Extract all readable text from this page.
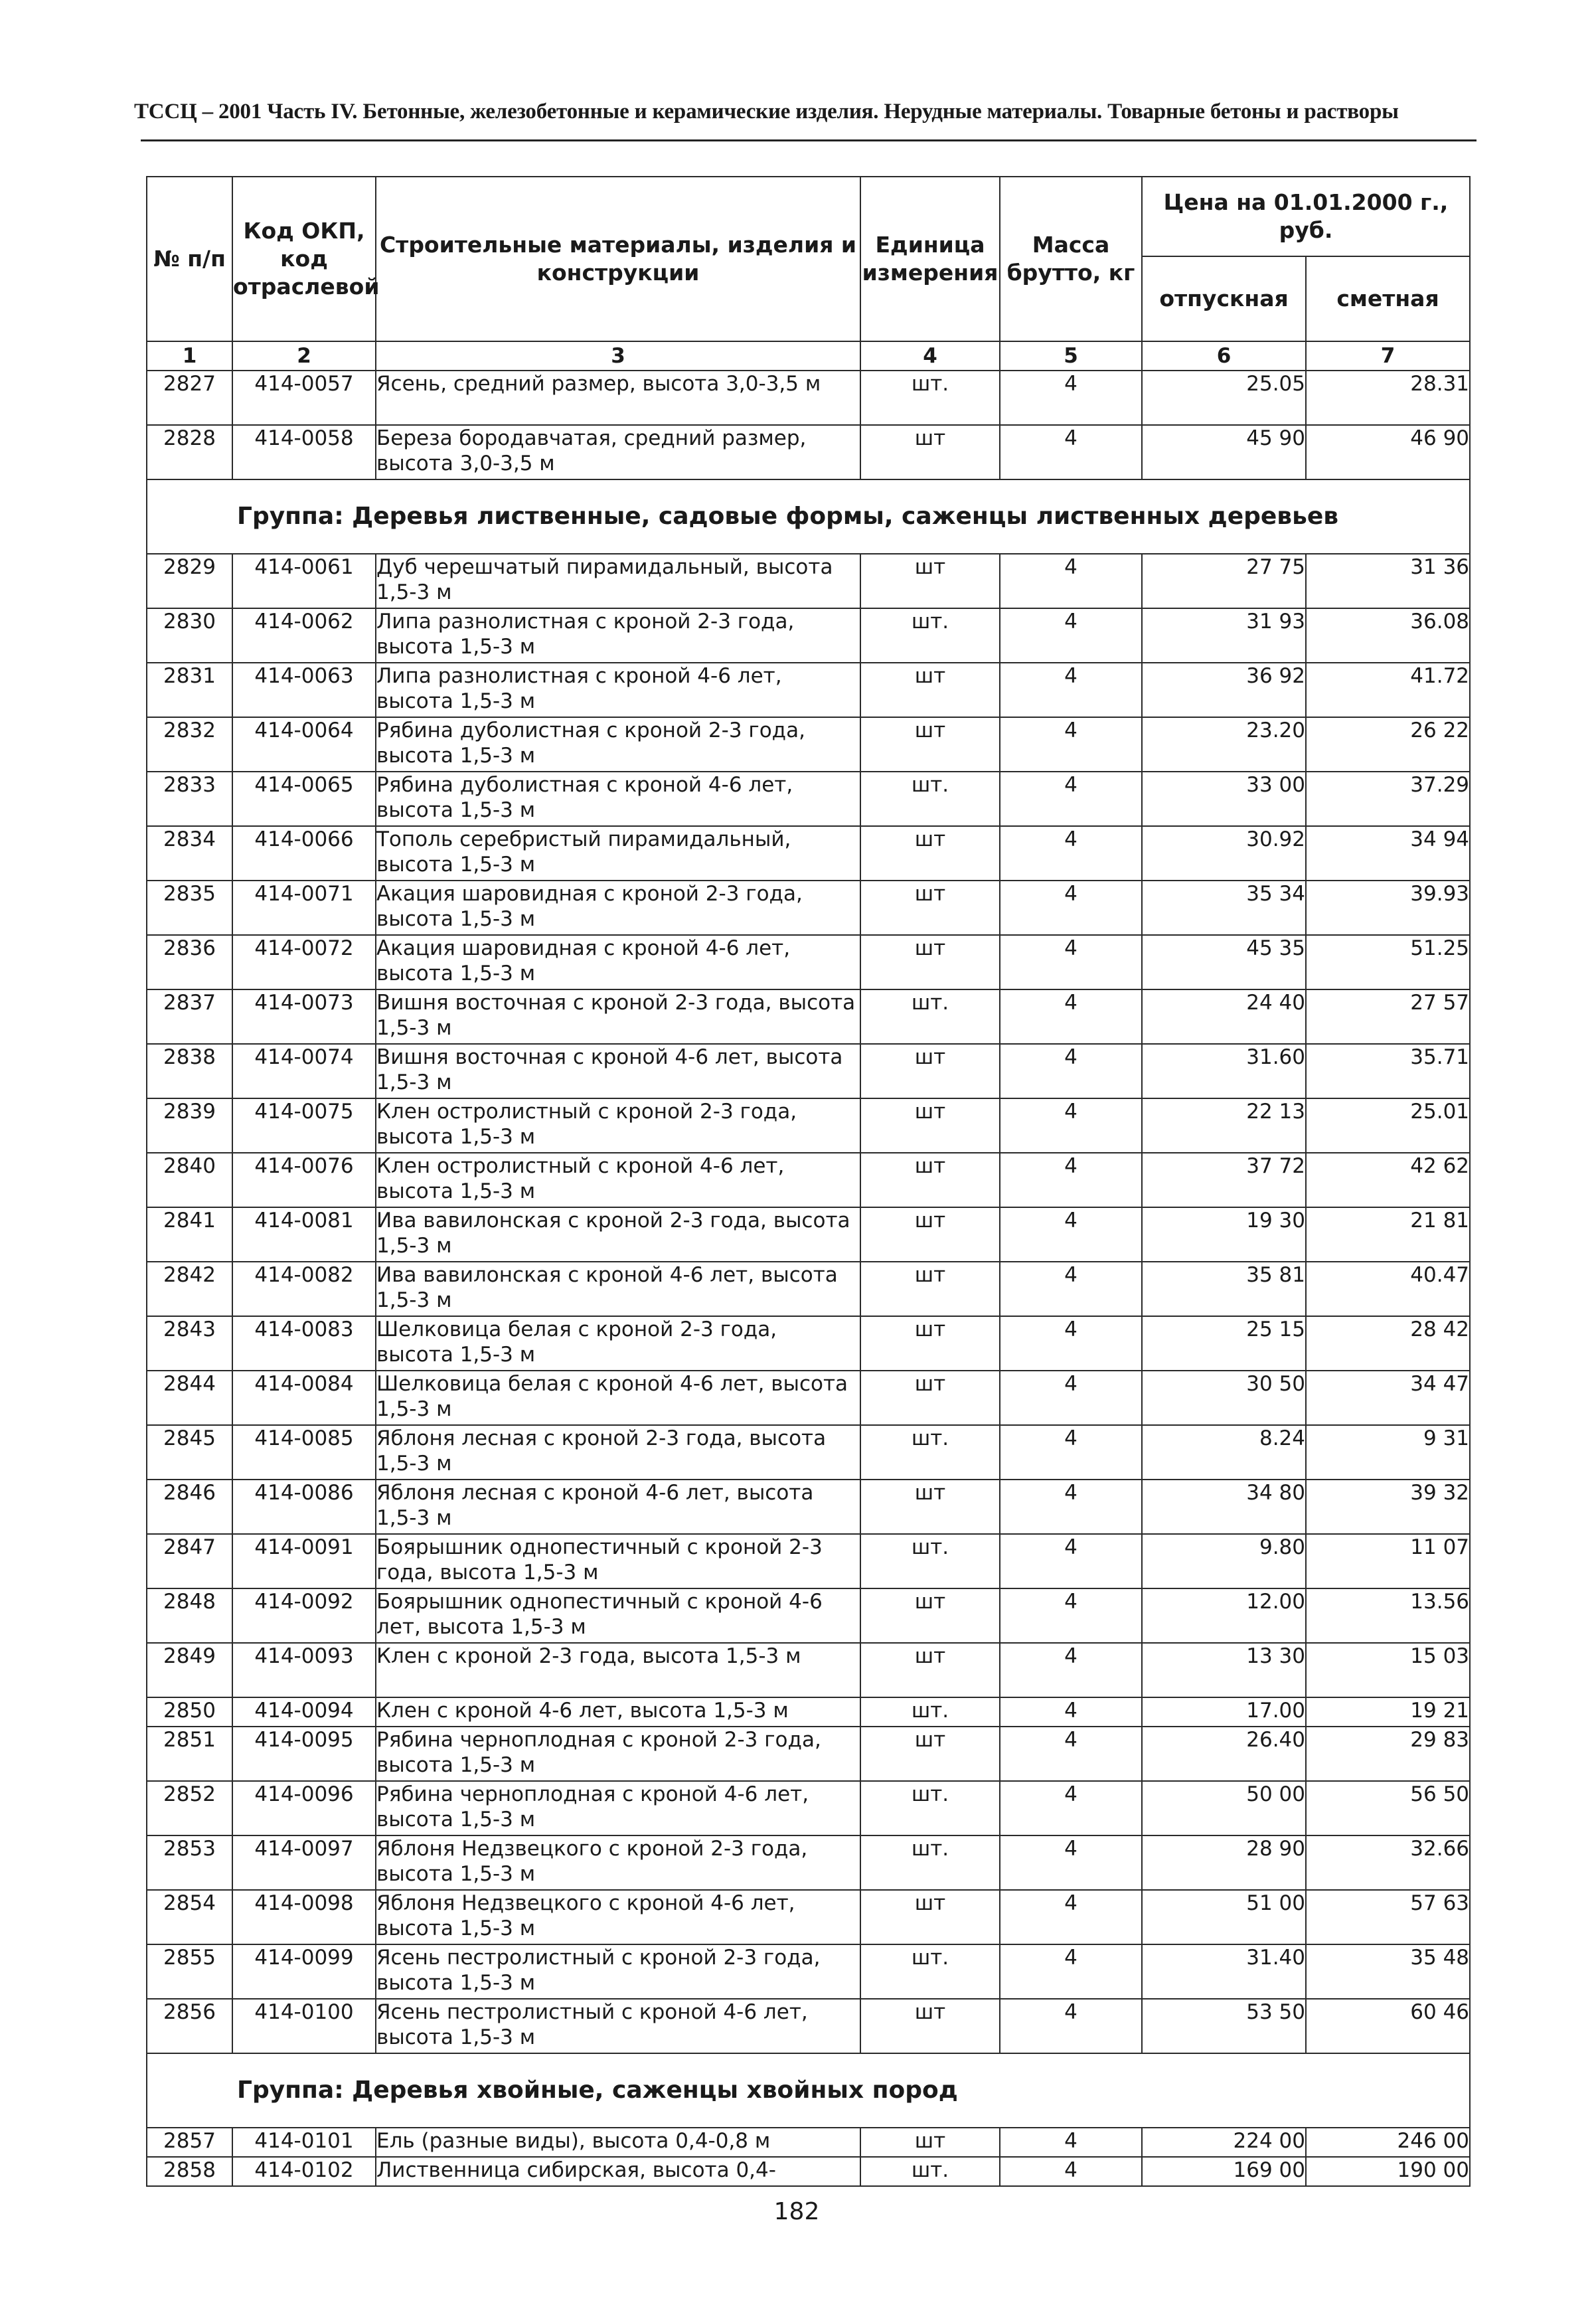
ТССЦ – 2001 Часть IV. Бетонные, железобетонные и керамические изделия. Нерудные материалы. Товарные бетоны и растворы
№ п/п	Код ОКП, код отраслевой	Строительные материалы, изделия и конструкции	Единица измерения	Масса брутто, кг	Цена на 01.01.2000 г., руб.	
					отпускная	сметная
1	2	3	4	5	6	7
2827	414-0057	Ясень, средний размер, высота 3,0-3,5 м	шт.	4	25.05	28.31
2828	414-0058	Береза бородавчатая, средний размер, высота 3,0-3,5 м	шт	4	45 90	46 90
Группа: Деревья лиственные, садовые формы, саженцы лиственных деревьев						
2829	414-0061	Дуб черешчатый пирамидальный, высота 1,5-3 м	шт	4	27 75	31 36
2830	414-0062	Липа разнолистная с кроной 2-3 года, высота 1,5-3 м	шт.	4	31 93	36.08
2831	414-0063	Липа разнолистная с кроной 4-6 лет, высота 1,5-3 м	шт	4	36 92	41.72
2832	414-0064	Рябина дуболистная с кроной 2-3 года, высота 1,5-3 м	шт	4	23.20	26 22
2833	414-0065	Рябина дуболистная с кроной 4-6 лет, высота 1,5-3 м	шт.	4	33 00	37.29
2834	414-0066	Тополь серебристый пирамидальный, высота 1,5-3 м	шт	4	30.92	34 94
2835	414-0071	Акация шаровидная с кроной 2-3 года, высота 1,5-3 м	шт	4	35 34	39.93
2836	414-0072	Акация шаровидная с кроной 4-6 лет, высота 1,5-3 м	шт	4	45 35	51.25
2837	414-0073	Вишня восточная с кроной 2-3 года, высота 1,5-3 м	шт.	4	24 40	27 57
2838	414-0074	Вишня восточная с кроной 4-6 лет, высота 1,5-3 м	шт	4	31.60	35.71
2839	414-0075	Клен остролистный с кроной 2-3 года, высота 1,5-3 м	шт	4	22 13	25.01
2840	414-0076	Клен остролистный с кроной 4-6 лет, высота 1,5-3 м	шт	4	37 72	42 62
2841	414-0081	Ива вавилонская с кроной 2-3 года, высота 1,5-3 м	шт	4	19 30	21 81
2842	414-0082	Ива вавилонская с кроной 4-6 лет, высота 1,5-3 м	шт	4	35 81	40.47
2843	414-0083	Шелковица белая с кроной 2-3 года, высота 1,5-3 м	шт	4	25 15	28 42
2844	414-0084	Шелковица белая с кроной 4-6 лет, высота 1,5-3 м	шт	4	30 50	34 47
2845	414-0085	Яблоня лесная с кроной 2-3 года, высота 1,5-3 м	шт.	4	8.24	9 31
2846	414-0086	Яблоня лесная с кроной 4-6 лет, высота 1,5-3 м	шт	4	34 80	39 32
2847	414-0091	Боярышник однопестичный с кроной 2-3 года, высота 1,5-3 м	шт.	4	9.80	11 07
2848	414-0092	Боярышник однопестичный с кроной 4-6 лет, высота 1,5-3 м	шт	4	12.00	13.56
2849	414-0093	Клен с кроной 2-3 года, высота 1,5-3 м	шт	4	13 30	15 03
2850	414-0094	Клен с кроной 4-6 лет, высота 1,5-3 м	шт.	4	17.00	19 21
2851	414-0095	Рябина черноплодная с кроной 2-3 года, высота 1,5-3 м	шт	4	26.40	29 83
2852	414-0096	Рябина черноплодная с кроной 4-6 лет, высота 1,5-3 м	шт.	4	50 00	56 50
2853	414-0097	Яблоня Недзвецкого с кроной 2-3 года, высота 1,5-3 м	шт.	4	28 90	32.66
2854	414-0098	Яблоня Недзвецкого с кроной 4-6 лет, высота 1,5-3 м	шт	4	51 00	57 63
2855	414-0099	Ясень пестролистный с кроной 2-3 года, высота 1,5-3 м	шт.	4	31.40	35 48
2856	414-0100	Ясень пестролистный с кроной 4-6 лет, высота 1,5-3 м	шт	4	53 50	60 46
Группа: Деревья хвойные, саженцы хвойных пород						
2857	414-0101	Ель (разные виды), высота 0,4-0,8 м	шт	4	224 00	246 00
2858	414-0102	Лиственница сибирская, высота 0,4-	шт.	4	169 00	190 00
182
